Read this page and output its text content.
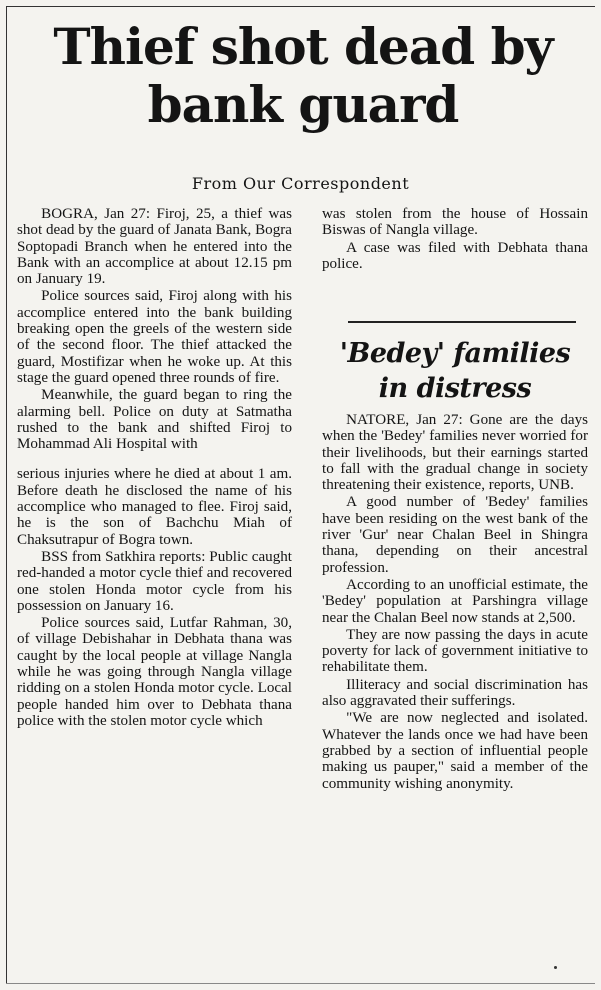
Thief shot dead by bank guard
From Our Correspondent

BOGRA, Jan 27: Firoj, 25, a thief was shot dead by the guard of Janata Bank, Bogra Soptopadi Branch when he entered into the Bank with an accomplice at about 12.15 pm on January 19.

Police sources said, Firoj along with his accomplice entered into the bank building breaking open the greels of the western side of the second floor. The thief attacked the guard, Mostifizar when he woke up. At this stage the guard opened three rounds of fire.

Meanwhile, the guard began to ring the alarming bell. Police on duty at Satmatha rushed to the bank and shifted Firoj to Mohammad Ali Hospital with

serious injuries where he died at about 1 am. Before death he disclosed the name of his accomplice who managed to flee. Firoj said, he is the son of Bachchu Miah of Chaksutrapur of Bogra town.

BSS from Satkhira reports: Public caught red-handed a motor cycle thief and recovered one stolen Honda motor cycle from his possession on January 16.

Police sources said, Lutfar Rahman, 30, of village Debishahar in Debhata thana was caught by the local people at village Nangla while he was going through Nangla village ridding on a stolen Honda motor cycle. Local people handed him over to Debhata thana police with the stolen motor cycle which

was stolen from the house of Hossain Biswas of Nangla village.

A case was filed with Debhata thana police.

'Bedey' families
in distress

NATORE, Jan 27: Gone are the days when the 'Bedey' families never worried for their livelihoods, but their earnings started to fall with the gradual change in society threatening their existence, reports, UNB.

A good number of 'Bedey' families have been residing on the west bank of the river 'Gur' near Chalan Beel in Shingra thana, depending on their ancestral profession.

According to an unofficial estimate, the 'Bedey' population at Parshingra village near the Chalan Beel now stands at 2,500.

They are now passing the days in acute poverty for lack of government initiative to rehabilitate them.

Illiteracy and social discrimination has also aggravated their sufferings.

"We are now neglected and isolated. Whatever the lands once we had have been grabbed by a section of influential people making us pauper," said a member of the community wishing anonymity.
